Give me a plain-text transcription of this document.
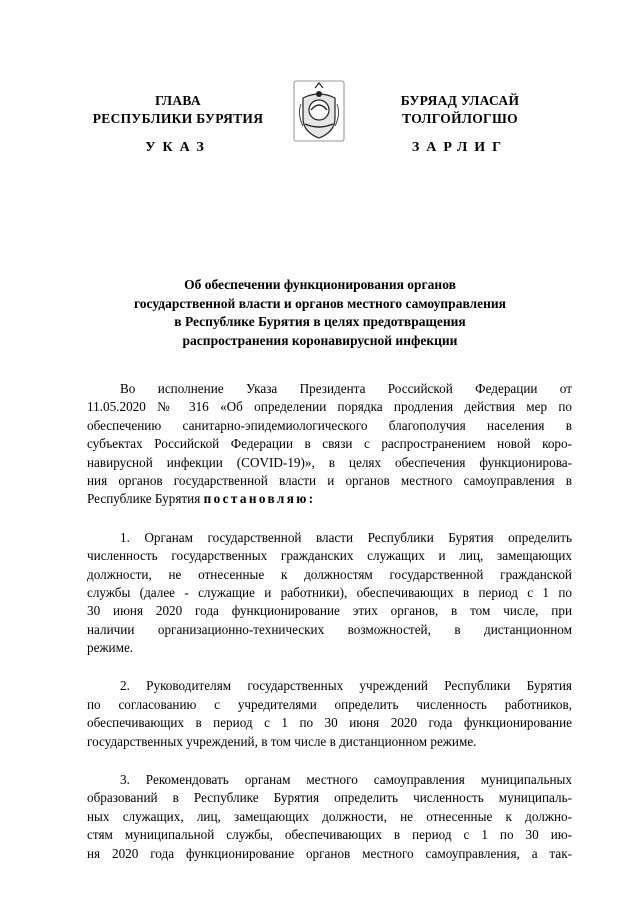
ГЛАВА
РЕСПУБЛИКИ БУРЯТИЯ
УКАЗ
БУРЯАД УЛАСАЙ
ТОЛГОЙЛОГШО
ЗАРЛИГ
Об обеспечении функционирования органов
государственной власти и органов местного самоуправления
в Республике Бурятия в целях предотвращения
распространения коронавирусной инфекции
Во исполнение Указа Президента Российской Федерации от
11.05.2020 № 316 «Об определении порядка продления действия мер по
обеспечению санитарно-эпидемиологического благополучия населения в
субъектах Российской Федерации в связи с распространением новой коро-
навирусной инфекции (COVID-19)», в целях обеспечения функционирова-
ния органов государственной власти и органов местного самоуправления в
Республике Бурятия постановляю:
1. Органам государственной власти Республики Бурятия определить
численность государственных гражданских служащих и лиц, замещающих
должности, не отнесенные к должностям государственной гражданской
службы (далее - служащие и работники), обеспечивающих в период с 1 по
30 июня 2020 года функционирование этих органов, в том числе, при
наличии организационно-технических возможностей, в дистанционном
режиме.
2. Руководителям государственных учреждений Республики Бурятия
по согласованию с учредителями определить численность работников,
обеспечивающих в период с 1 по 30 июня 2020 года функционирование
государственных учреждений, в том числе в дистанционном режиме.
3. Рекомендовать органам местного самоуправления муниципальных
образований в Республике Бурятия определить численность муниципаль-
ных служащих, лиц, замещающих должности, не отнесенные к должно-
стям муниципальной службы, обеспечивающих в период с 1 по 30 ию-
ня 2020 года функционирование органов местного самоуправления, а так-
